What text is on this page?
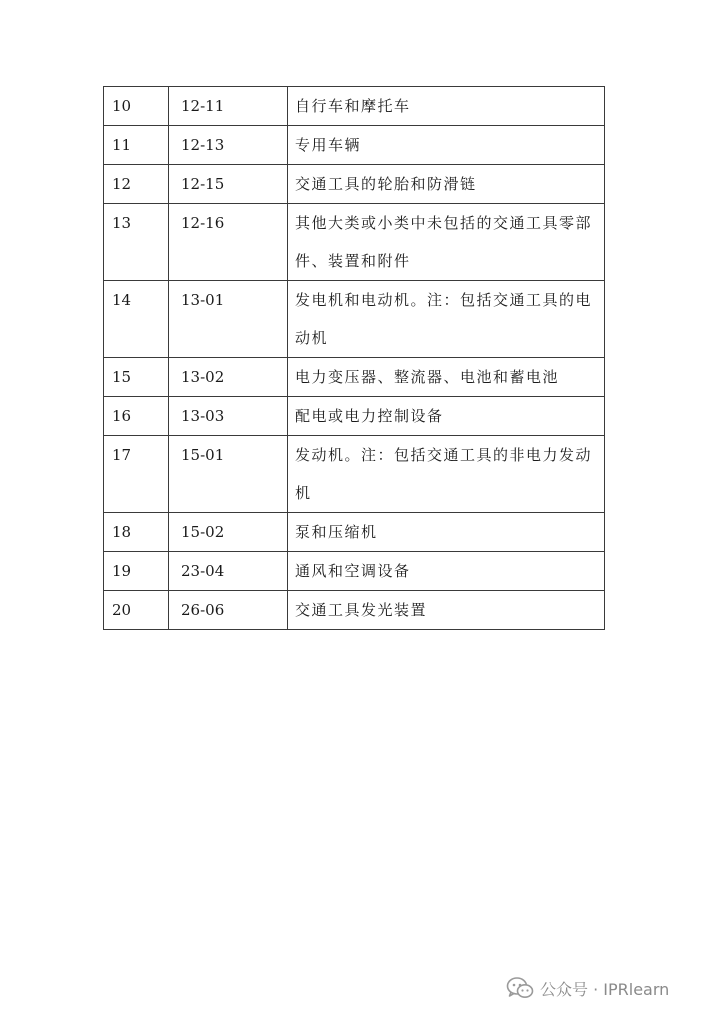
10	12-11	自行车和摩托车
11	12-13	专用车辆
12	12-15	交通工具的轮胎和防滑链
13	12-16	其他大类或小类中未包括的交通工具零部件、装置和附件
14	13-01	发电机和电动机。注：包括交通工具的电动机
15	13-02	电力变压器、整流器、电池和蓄电池
16	13-03	配电或电力控制设备
17	15-01	发动机。注：包括交通工具的非电力发动机
18	15-02	泵和压缩机
19	23-04	通风和空调设备
20	26-06	交通工具发光装置
公众号 · IPRlearn
